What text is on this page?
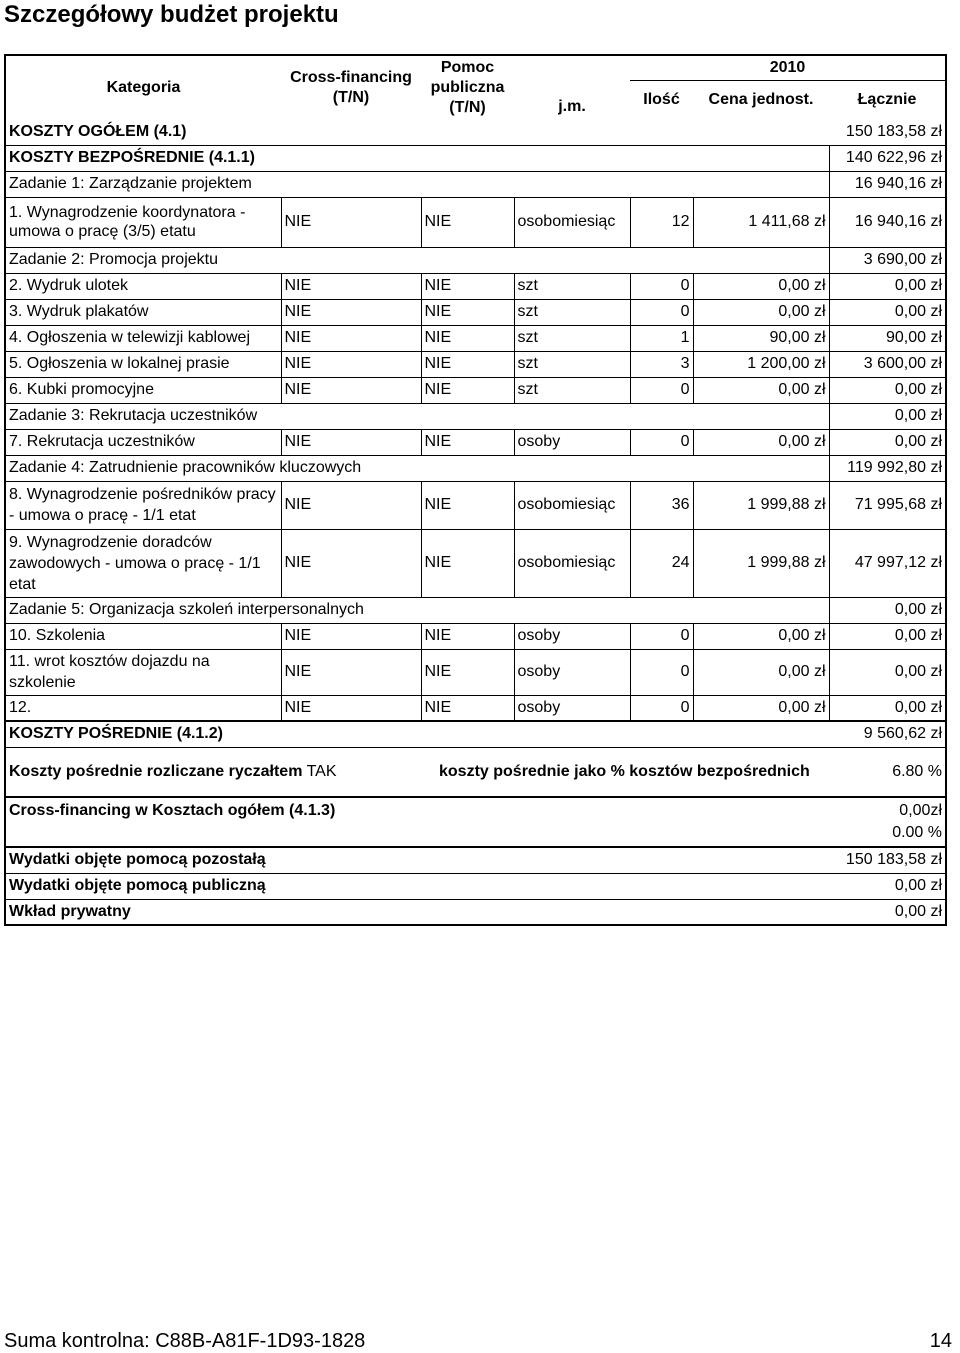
Szczegółowy budżet projektu
Kategoria	Cross-financing (T/N)	Pomoc publiczna (T/N)	j.m.	2010		
				Ilość	Cena jednost.	Łącznie
KOSZTY OGÓŁEM (4.1)						150 183,58 zł
KOSZTY BEZPOŚREDNIE (4.1.1)						140 622,96 zł
Zadanie 1: Zarządzanie projektem						16 940,16 zł
1. Wynagrodzenie koordynatora - umowa o pracę (3/5) etatu	NIE	NIE	osobomiesiąc	12	1 411,68 zł	16 940,16 zł
Zadanie 2: Promocja projektu						3 690,00 zł
2. Wydruk ulotek	NIE	NIE	szt	0	0,00 zł	0,00 zł
3. Wydruk plakatów	NIE	NIE	szt	0	0,00 zł	0,00 zł
4. Ogłoszenia w telewizji kablowej	NIE	NIE	szt	1	90,00 zł	90,00 zł
5. Ogłoszenia w lokalnej prasie	NIE	NIE	szt	3	1 200,00 zł	3 600,00 zł
6. Kubki promocyjne	NIE	NIE	szt	0	0,00 zł	0,00 zł
Zadanie 3: Rekrutacja uczestników						0,00 zł
7. Rekrutacja uczestników	NIE	NIE	osoby	0	0,00 zł	0,00 zł
Zadanie 4: Zatrudnienie pracowników kluczowych						119 992,80 zł
8. Wynagrodzenie pośredników pracy - umowa o pracę - 1/1 etat	NIE	NIE	osobomiesiąc	36	1 999,88 zł	71 995,68 zł
9. Wynagrodzenie doradców zawodowych - umowa o pracę - 1/1 etat	NIE	NIE	osobomiesiąc	24	1 999,88 zł	47 997,12 zł
Zadanie 5: Organizacja szkoleń interpersonalnych						0,00 zł
10. Szkolenia	NIE	NIE	osoby	0	0,00 zł	0,00 zł
11. wrot kosztów dojazdu na szkolenie	NIE	NIE	osoby	0	0,00 zł	0,00 zł
12.	NIE	NIE	osoby	0	0,00 zł	0,00 zł
KOSZTY POŚREDNIE (4.1.2)						9 560,62 zł
Koszty pośrednie rozliczane ryczałtem TAK		koszty pośrednie jako % kosztów bezpośrednich				6.80 %
Cross-financing w Kosztach ogółem (4.1.3)						0,00zł
0.00 %
Wydatki objęte pomocą pozostałą						150 183,58 zł
Wydatki objęte pomocą publiczną						0,00 zł
Wkład prywatny						0,00 zł
Suma kontrolna: C88B-A81F-1D93-1828	14
